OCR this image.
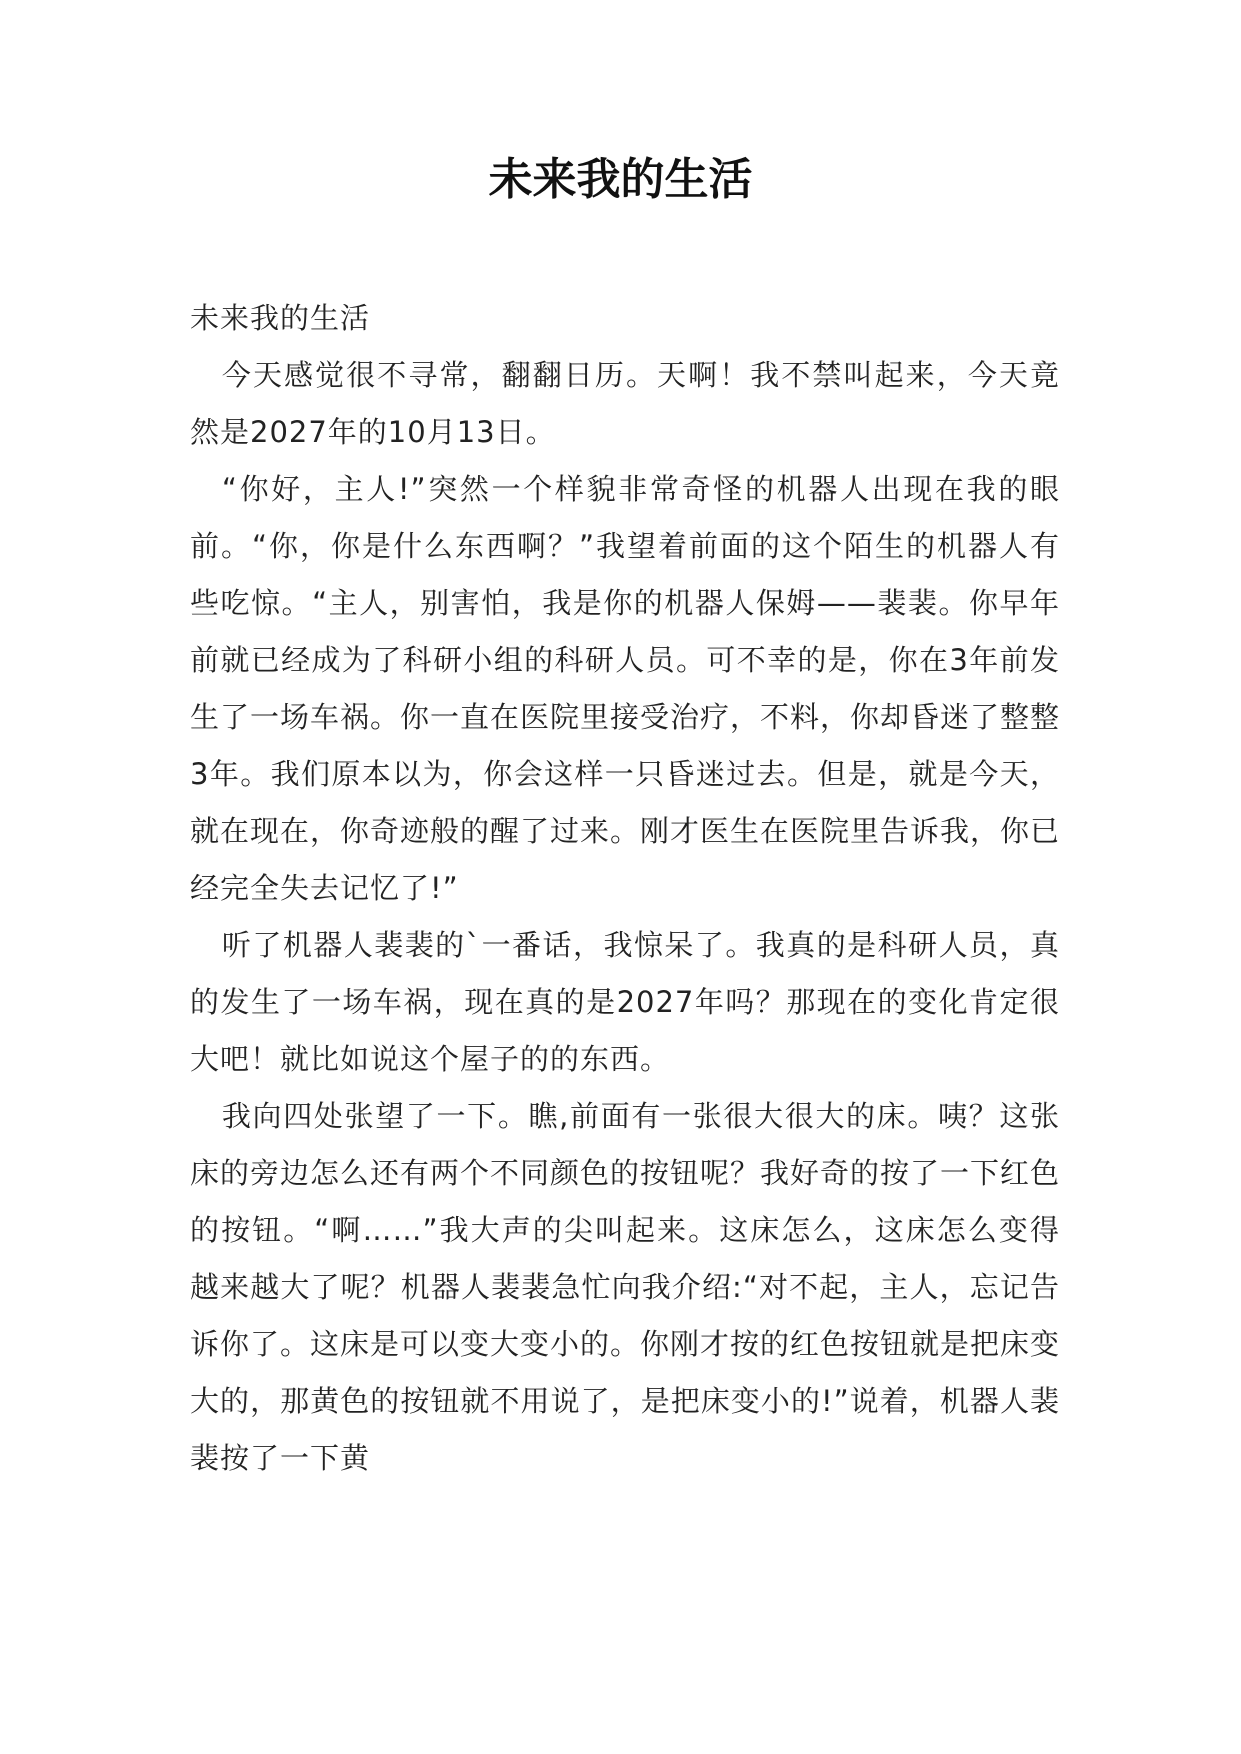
未来我的生活

未来我的生活

今天感觉很不寻常，翻翻日历。天啊！我不禁叫起来，今天竟然是2027年的10月13日。

“你好，主人!”突然一个样貌非常奇怪的机器人出现在我的眼前。“你，你是什么东西啊？”我望着前面的这个陌生的机器人有些吃惊。“主人，别害怕，我是你的机器人保姆——裴裴。你早年前就已经成为了科研小组的科研人员。可不幸的是，你在3年前发生了一场车祸。你一直在医院里接受治疗，不料，你却昏迷了整整3年。我们原本以为，你会这样一只昏迷过去。但是，就是今天，就在现在，你奇迹般的醒了过来。刚才医生在医院里告诉我，你已经完全失去记忆了!”

听了机器人裴裴的`一番话，我惊呆了。我真的是科研人员，真的发生了一场车祸，现在真的是2027年吗？那现在的变化肯定很大吧！就比如说这个屋子的的东西。

我向四处张望了一下。瞧,前面有一张很大很大的床。咦？这张床的旁边怎么还有两个不同颜色的按钮呢？我好奇的按了一下红色的按钮。“啊……”我大声的尖叫起来。这床怎么，这床怎么变得越来越大了呢？机器人裴裴急忙向我介绍:“对不起，主人，忘记告诉你了。这床是可以变大变小的。你刚才按的红色按钮就是把床变大的，那黄色的按钮就不用说了，是把床变小的!”说着，机器人裴裴按了一下黄
